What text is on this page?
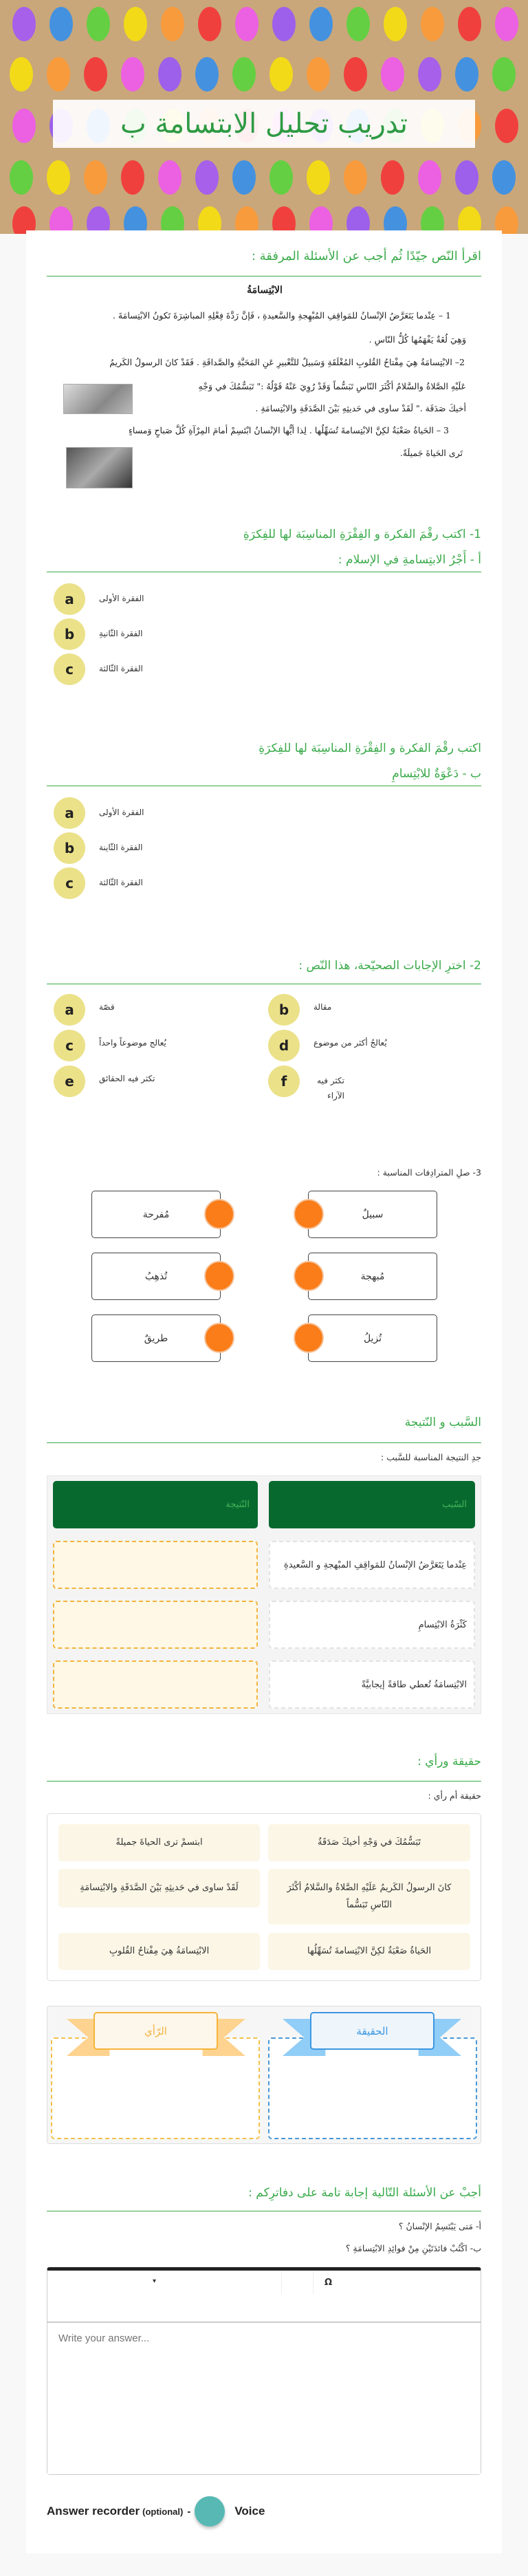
تدريب تحليل الابتسامة ب
اقرأ النّص جيّدًا ثُم أجب عن الأسئلة المرفقة :
الابْتِسامَةُ
1 – عِنْدما يَتَعَرَّضُ الإنْسانُ للمَواقِفِ المُبْهِجةِ والسَّعيدةِ ، فَإنَّ رَدَّةَ فِعْلِهِ المباشِرَةَ تَكونُ الابْتِسامَةَ .
وَهِيَ لُغَةٌ يَفْهَمُها كُلُّ النّاسِ .
2– الابْتِسامَةُ هِيَ مِفْتاحُ القُلوبِ المُغْلَقَةِ وَسَبيلٌ للتَّعْبيرِ عَنِ المَحَبَّةِ والصَّداقَةِ . فَقَدْ كانَ الرسولُ الكَريمُ
عَلَيْهِ الصَّلاةُ والسَّلامُ أكْثَرَ النّاسِ تَبَسُّماً وَقَدْ رُوِيَ عَنْهُ قَوْلُهُ :" تَبَسُّمُكَ في وَجْهِ
أخيكَ صَدَقَة ." لَقَدْ ساوى في حَديثِهِ بَيْنَ الصَّدَقَةِ والابْتِسامَةِ .
3 – الحَياةُ صَعْبَةٌ لكِنَّ الابْتِسامةَ تُسَهِّلُها . لِذا أيُّها الإنْسانُ ابْتَسِمْ أمامَ المِرْآةِ كُلَّ صَباحٍ وَمساءٍ
تَرى الحَياةَ جَميلَةً.
1- اكتب رقْمَ الفكرة و الفِقْرَةِ المناسِبَة لها للفِكرَةِ
أ - أَجْرُ الابتِسامةِ في الإسلام :
a	الفقرة الأولى
b	الفقرة الثّانيةِ
c	الفقرة الثّالثة
اكتب رقْمَ الفكرة و الفِقْرَةِ المناسِبَة لها للفِكرَةِ
ب - دَعْوَةٌ للابْتِسامِ
a	الفقرة الأولى
b	الفقرة الثّاينة
c	الفقرة الثّالثة
2- اخترِ الإجابات الصحيّحة، هذا النّص :
a	قصّة	b	مقالة
c	يُعالج موضوعاً واحداً	d	يُعالجُ أكثر من موضوع
e	تكثر فيه الحقائق	f	تكثر فيه الآراء
3- صلِ المترادِفات المناسبة :
سبيلٌ
مُفرحة
مُبهجة
تُذهِبُ
تُزيلُ
طريقٌ
السَّبب و النّتيجة
جدِ النتيجة المناسبة للسَّبب :
السّبب
النّتيجة
عِنْدما يَتَعَرَّضُ الإنْسانُ للمَواقِفِ المبْهجةِ و السَّعيدةِ
كَثْرَةُ الابْتِسامِ
الابْتِسامَةُ تُعطي طاقةً إيجابيَّةً
حقيقة ورأي :
حقيقة أم رأي :
تَبَسُّمُكَ في وَجْهِ أخيكَ صَدَقَةٌ
ابتسمْ ترى الحياةَ جميلةً
كانَ الرسولُ الكَريمُ عَلَيْهِ الصَّلاةُ والسَّلامُ أكْثَرَ النّاسِ تَبَسُّماً
لَقَدْ ساوى في حَديثِهِ بَيْنَ الصَّدَقَةِ والابْتِسامَةِ
الحَياةُ صَعْبَةٌ لكِنَّ الابْتِسامةَ تُسَهِّلُها
الابْتِسامَةُ هِيَ مِفْتاحُ القُلوبِ
الرّأي	الحقيقة
أجبْ عن الأسئلة التّالية إجابة تامة على دفاترِكم :
أ- مَتى يَبْتَسِمُ الإنْسانُ ؟
ب- اكْتُبْ فائدَتَيْنِ مِنْ فوائِدِ الابْتِسامَةِ ؟
Ω
▾
Write your answer...
Answer recorder (optional) -	Voice
